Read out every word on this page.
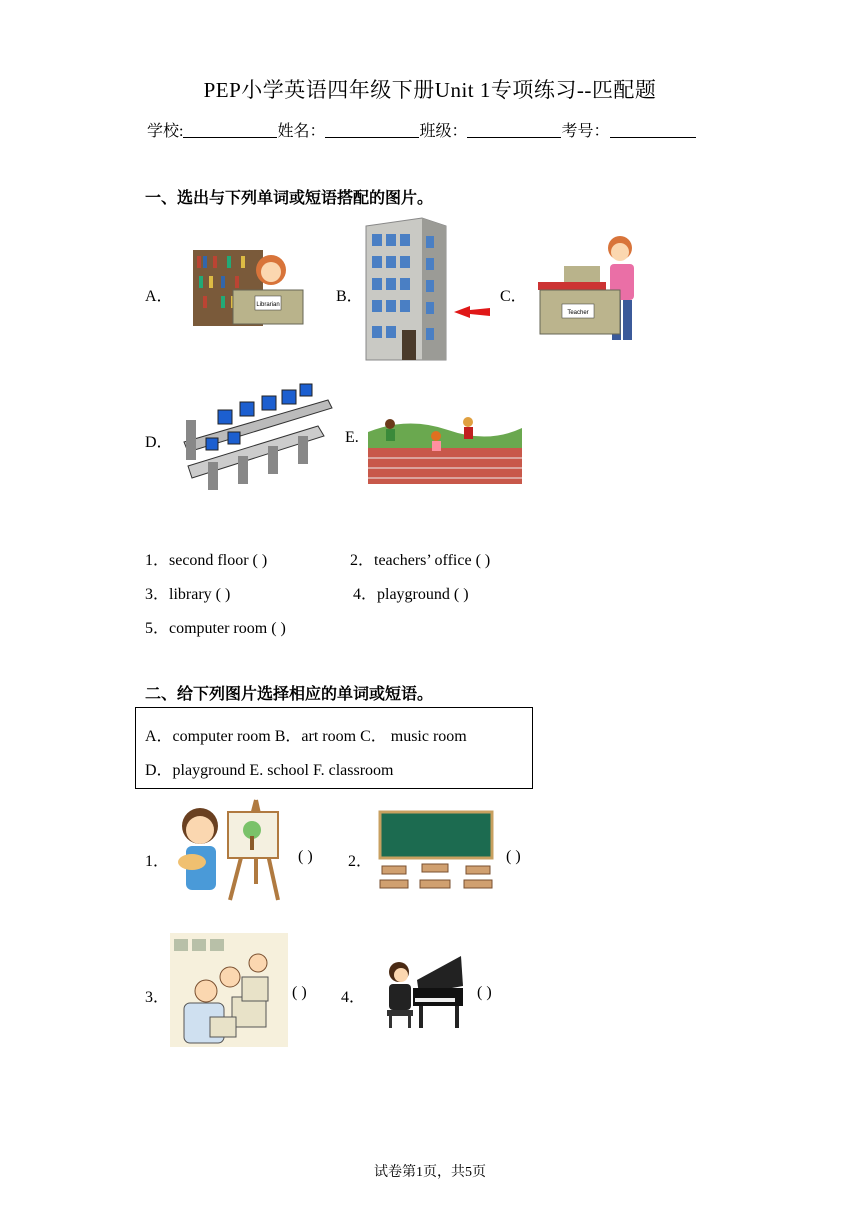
PEP小学英语四年级下册Unit 1专项练习--匹配题
学校:	姓名：	班级：	考号：
一、选出与下列单词或短语搭配的图片。
A．	Librarian	B．	C．
Teacher
D．	E.
1．second floor ( )	2．teachers’ office ( )
3．library ( )	4．playground ( )
5．computer room ( )
二、给下列图片选择相应的单词或短语。
A．computer room B．art room C． music room
D．playground E. school F. classroom
1．	( ) 2．	( )
3．	( ) 4．	( )
试卷第1页，共5页
